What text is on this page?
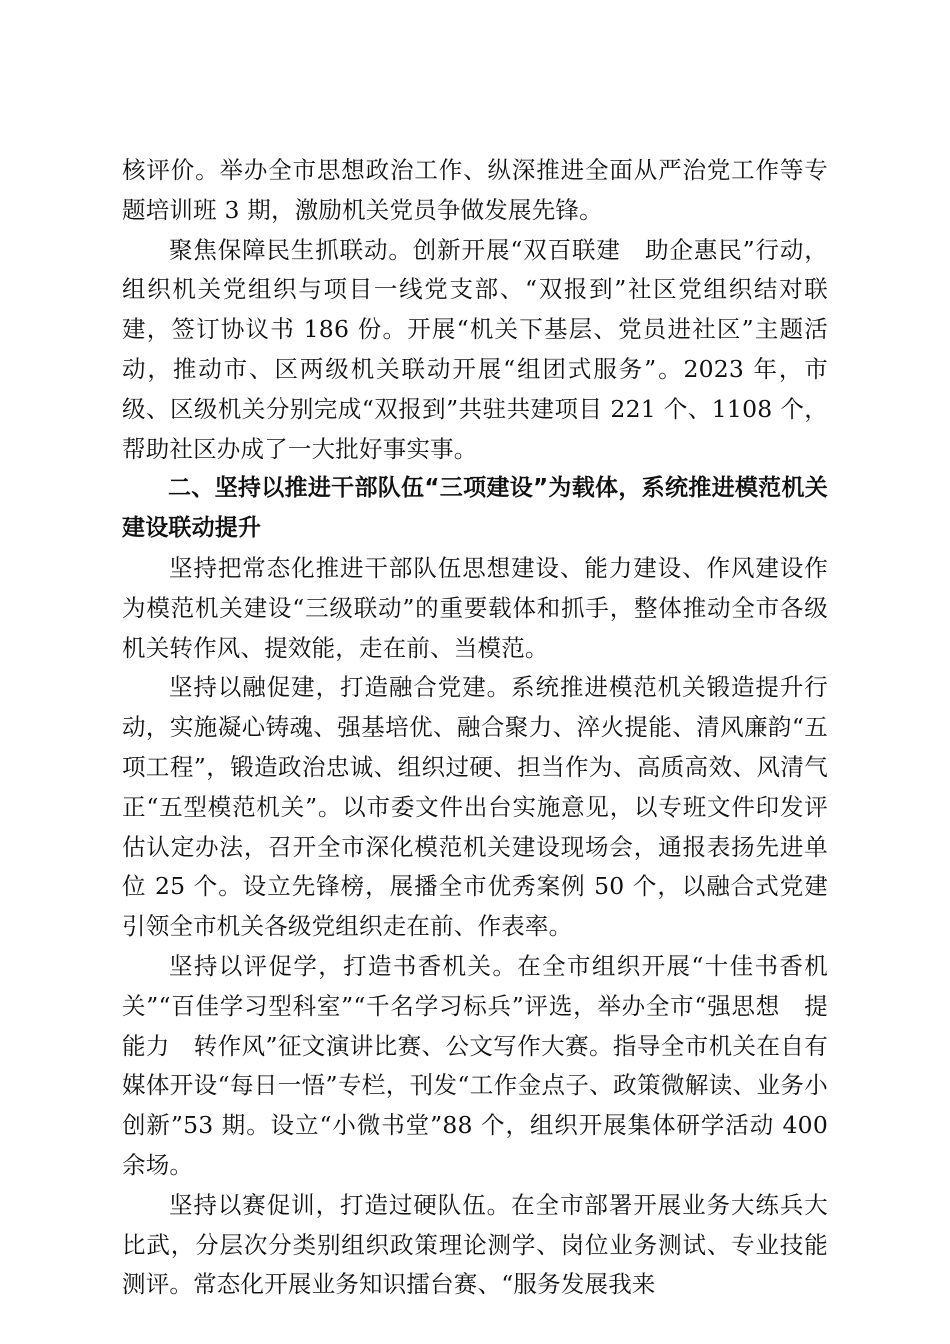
核评价。举办全市思想政治工作、纵深推进全面从严治党工作等专题培训班 3 期，激励机关党员争做发展先锋。

聚焦保障民生抓联动。创新开展“双百联建　助企惠民”行动，组织机关党组织与项目一线党支部、“双报到”社区党组织结对联建，签订协议书 186 份。开展“机关下基层、党员进社区”主题活动，推动市、区两级机关联动开展“组团式服务”。2023 年，市级、区级机关分别完成“双报到”共驻共建项目 221 个、1108 个，帮助社区办成了一大批好事实事。

二、坚持以推进干部队伍“三项建设”为载体，系统推进模范机关建设联动提升

坚持把常态化推进干部队伍思想建设、能力建设、作风建设作为模范机关建设“三级联动”的重要载体和抓手，整体推动全市各级机关转作风、提效能，走在前、当模范。

坚持以融促建，打造融合党建。系统推进模范机关锻造提升行动，实施凝心铸魂、强基培优、融合聚力、淬火提能、清风廉韵“五项工程”，锻造政治忠诚、组织过硬、担当作为、高质高效、风清气正“五型模范机关”。以市委文件出台实施意见，以专班文件印发评估认定办法，召开全市深化模范机关建设现场会，通报表扬先进单位 25 个。设立先锋榜，展播全市优秀案例 50 个，以融合式党建引领全市机关各级党组织走在前、作表率。

坚持以评促学，打造书香机关。在全市组织开展“十佳书香机关”“百佳学习型科室”“千名学习标兵”评选，举办全市“强思想　提能力　转作风”征文演讲比赛、公文写作大赛。指导全市机关在自有媒体开设“每日一悟”专栏，刊发“工作金点子、政策微解读、业务小创新”53 期。设立“小微书堂”88 个，组织开展集体研学活动 400 余场。

坚持以赛促训，打造过硬队伍。在全市部署开展业务大练兵大比武，分层次分类别组织政策理论测学、岗位业务测试、专业技能测评。常态化开展业务知识擂台赛、“服务发展我来
